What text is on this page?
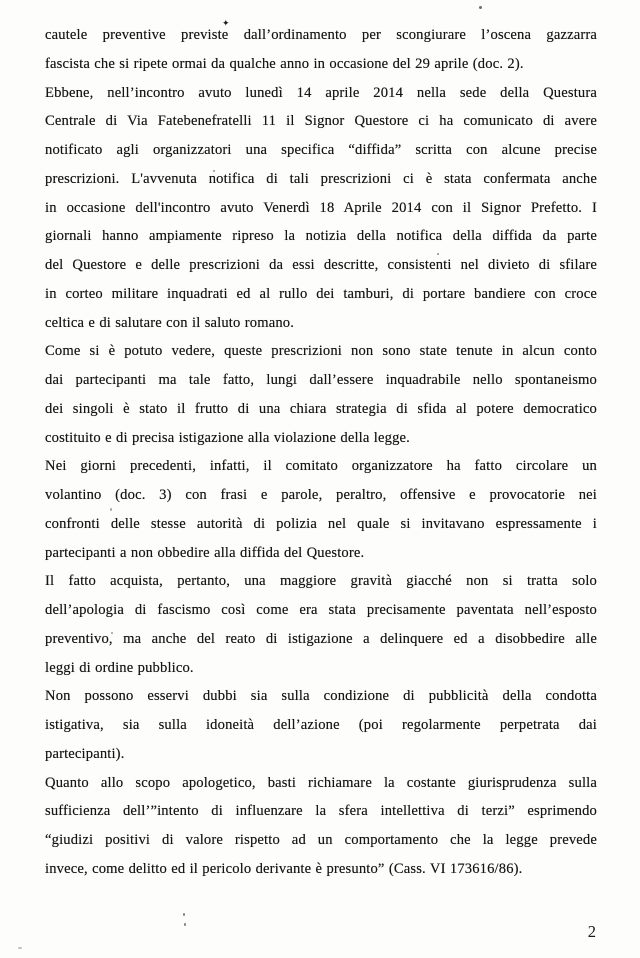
✦
cautele preventive previste dall’ordinamento per scongiurare l’oscena gazzarra
fascista che si ripete ormai da qualche anno in occasione del 29 aprile (doc. 2).
Ebbene, nell’incontro avuto lunedì 14 aprile 2014 nella sede della Questura
Centrale di Via Fatebenefratelli 11 il Signor Questore ci ha comunicato di avere
notificato agli organizzatori una specifica “diffida” scritta con alcune precise
prescrizioni. L'avvenuta notifica di tali prescrizioni ci è stata confermata anche
in occasione dell'incontro avuto Venerdì 18 Aprile 2014 con il Signor Prefetto. I
giornali hanno ampiamente ripreso la notizia della notifica della diffida da parte
del Questore e delle prescrizioni da essi descritte, consistenti nel divieto di sfilare
in corteo militare inquadrati ed al rullo dei tamburi, di portare bandiere con croce
celtica e di salutare con il saluto romano.
Come si è potuto vedere, queste prescrizioni non sono state tenute in alcun conto
dai partecipanti ma tale fatto, lungi dall’essere inquadrabile nello spontaneismo
dei singoli è stato il frutto di una chiara strategia di sfida al potere democratico
costituito e di precisa istigazione alla violazione della legge.
Nei giorni precedenti, infatti, il comitato organizzatore ha fatto circolare un
volantino (doc. 3) con frasi e parole, peraltro, offensive e provocatorie nei
confronti delle stesse autorità di polizia nel quale si invitavano espressamente i
partecipanti a non obbedire alla diffida del Questore.
Il fatto acquista, pertanto, una maggiore gravità giacché non si tratta solo
dell’apologia di fascismo così come era stata precisamente paventata nell’esposto
preventivo, ma anche del reato di istigazione a delinquere ed a disobbedire alle
leggi di ordine pubblico.
Non possono esservi dubbi sia sulla condizione di pubblicità della condotta
istigativa, sia sulla idoneità dell’azione (poi regolarmente perpetrata dai
partecipanti).
Quanto allo scopo apologetico, basti richiamare la costante giurisprudenza sulla
sufficienza dell’”intento di influenzare la sfera intellettiva di terzi” esprimendo
“giudizi positivi di valore rispetto ad un comportamento che la legge prevede
invece, come delitto ed il pericolo derivante è presunto” (Cass. VI 173616/86).
2
